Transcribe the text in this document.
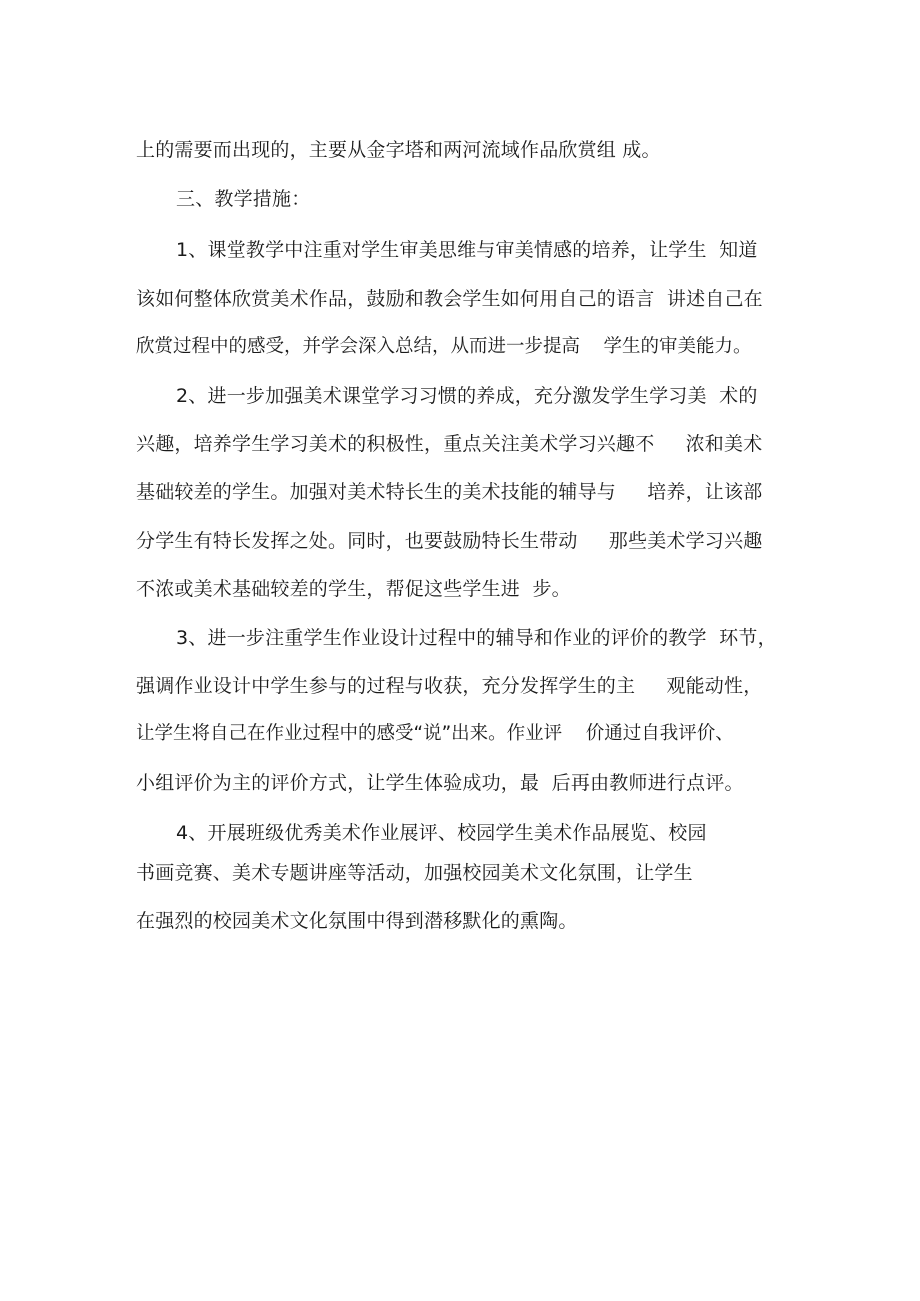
上的需要而出现的，主要从金字塔和两河流域作品欣赏组 成。
三、教学措施：
1、课堂教学中注重对学生审美思维与审美情感的培养，让学生  知道
该如何整体欣赏美术作品，鼓励和教会学生如何用自己的语言  讲述自己在
欣赏过程中的感受，并学会深入总结，从而进一步提高    学生的审美能力。
2、进一步加强美术课堂学习习惯的养成，充分激发学生学习美  术的
兴趣，培养学生学习美术的积极性，重点关注美术学习兴趣不     浓和美术
基础较差的学生。加强对美术特长生的美术技能的辅导与     培养，让该部
分学生有特长发挥之处。同时，也要鼓励特长生带动     那些美术学习兴趣
不浓或美术基础较差的学生，帮促这些学生进  步。
3、进一步注重学生作业设计过程中的辅导和作业的评价的教学  环节，
强调作业设计中学生参与的过程与收获，充分发挥学生的主     观能动性，
让学生将自己在作业过程中的感受“说”出来。作业评    价通过自我评价、
小组评价为主的评价方式，让学生体验成功，最  后再由教师进行点评。
4、开展班级优秀美术作业展评、校园学生美术作品展览、校园
书画竞赛、美术专题讲座等活动，加强校园美术文化氛围，让学生
在强烈的校园美术文化氛围中得到潜移默化的熏陶。
